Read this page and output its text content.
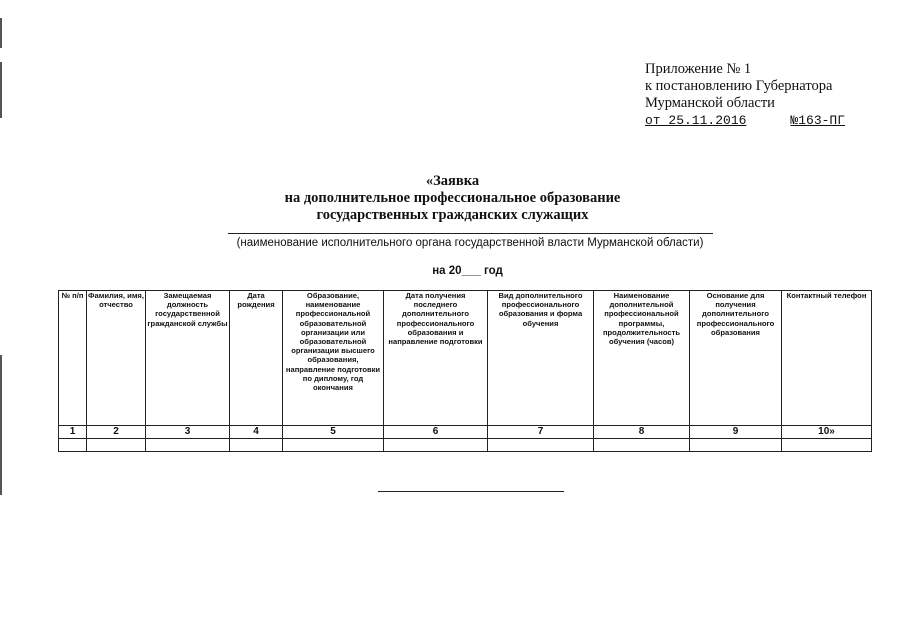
Приложение № 1
к постановлению Губернатора
Мурманской области
от 25.11.2016	№163-ПГ
«Заявка
на дополнительное профессиональное образование
государственных гражданских служащих
(наименование исполнительного органа государственной власти Мурманской области)
на 20___ год
№ п/п	Фамилия, имя, отчество	Замещаемая должность государственной гражданской службы	Дата рождения	Образование, наименование профессиональной образовательной организации или образовательной организации высшего образования, направление подготовки по диплому, год окончания	Дата получения последнего дополнительного профессионального образования и направление подготовки	Вид дополнительного профессионального образования и форма обучения	Наименование дополнительной профессиональной программы, продолжительность обучения (часов)	Основание для получения дополнительного профессионального образования	Контактный телефон
1	2	3	4	5	6	7	8	9	10»
